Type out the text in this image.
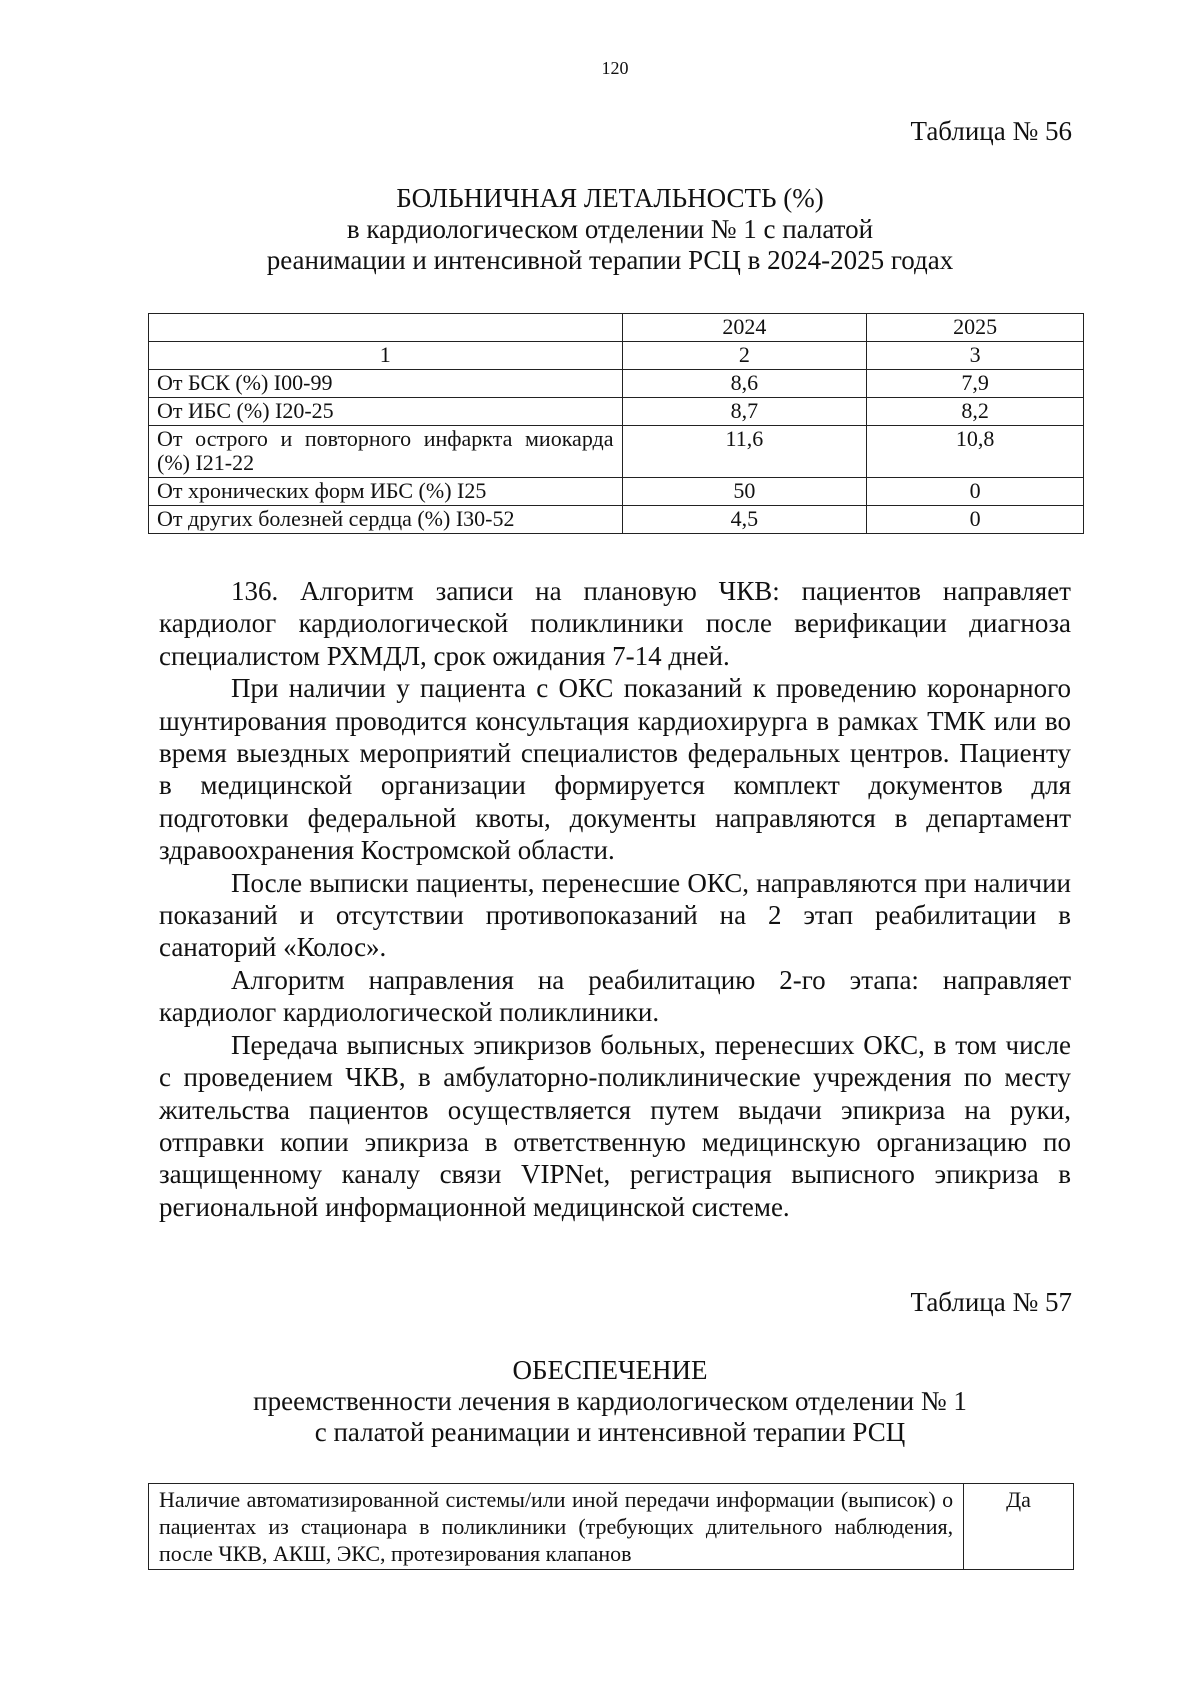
120
Таблица № 56
БОЛЬНИЧНАЯ ЛЕТАЛЬНОСТЬ (%)
в кардиологическом отделении № 1 с палатой
реанимации и интенсивной терапии РСЦ в 2024-2025 годах
	2024	2025
1	2	3
От БСК (%) I00-99	8,6	7,9
От ИБС (%) I20-25	8,7	8,2
От острого и повторного инфаркта миокарда (%) I21-22	11,6	10,8
От хронических форм ИБС (%) I25	50	0
От других болезней сердца (%) I30-52	4,5	0

136. Алгоритм записи на плановую ЧКВ: пациентов направляет кардиолог кардиологической поликлиники после верификации диагноза специалистом РХМДЛ, срок ожидания 7-14 дней.

При наличии у пациента с ОКС показаний к проведению коронарного шунтирования проводится консультация кардиохирурга в рамках ТМК или во время выездных мероприятий специалистов федеральных центров. Пациенту в медицинской организации формируется комплект документов для подготовки федеральной квоты, документы направляются в департамент здравоохранения Костромской области.

После выписки пациенты, перенесшие ОКС, направляются при наличии показаний и отсутствии противопоказаний на 2 этап реабилитации в санаторий «Колос».

Алгоритм направления на реабилитацию 2-го этапа: направляет кардиолог кардиологической поликлиники.

Передача выписных эпикризов больных, перенесших ОКС, в том числе с проведением ЧКВ, в амбулаторно-поликлинические учреждения по месту жительства пациентов осуществляется путем выдачи эпикриза на руки, отправки копии эпикриза в ответственную медицинскую организацию по защищенному каналу связи VIPNet, регистрация выписного эпикриза в региональной информационной медицинской системе.

Таблица № 57
ОБЕСПЕЧЕНИЕ
преемственности лечения в кардиологическом отделении № 1
с палатой реанимации и интенсивной терапии РСЦ
Наличие автоматизированной системы/или иной передачи информации (выписок) о пациентах из стационара в поликлиники (требующих длительного наблюдения, после ЧКВ, АКШ, ЭКС, протезирования клапанов	Да
